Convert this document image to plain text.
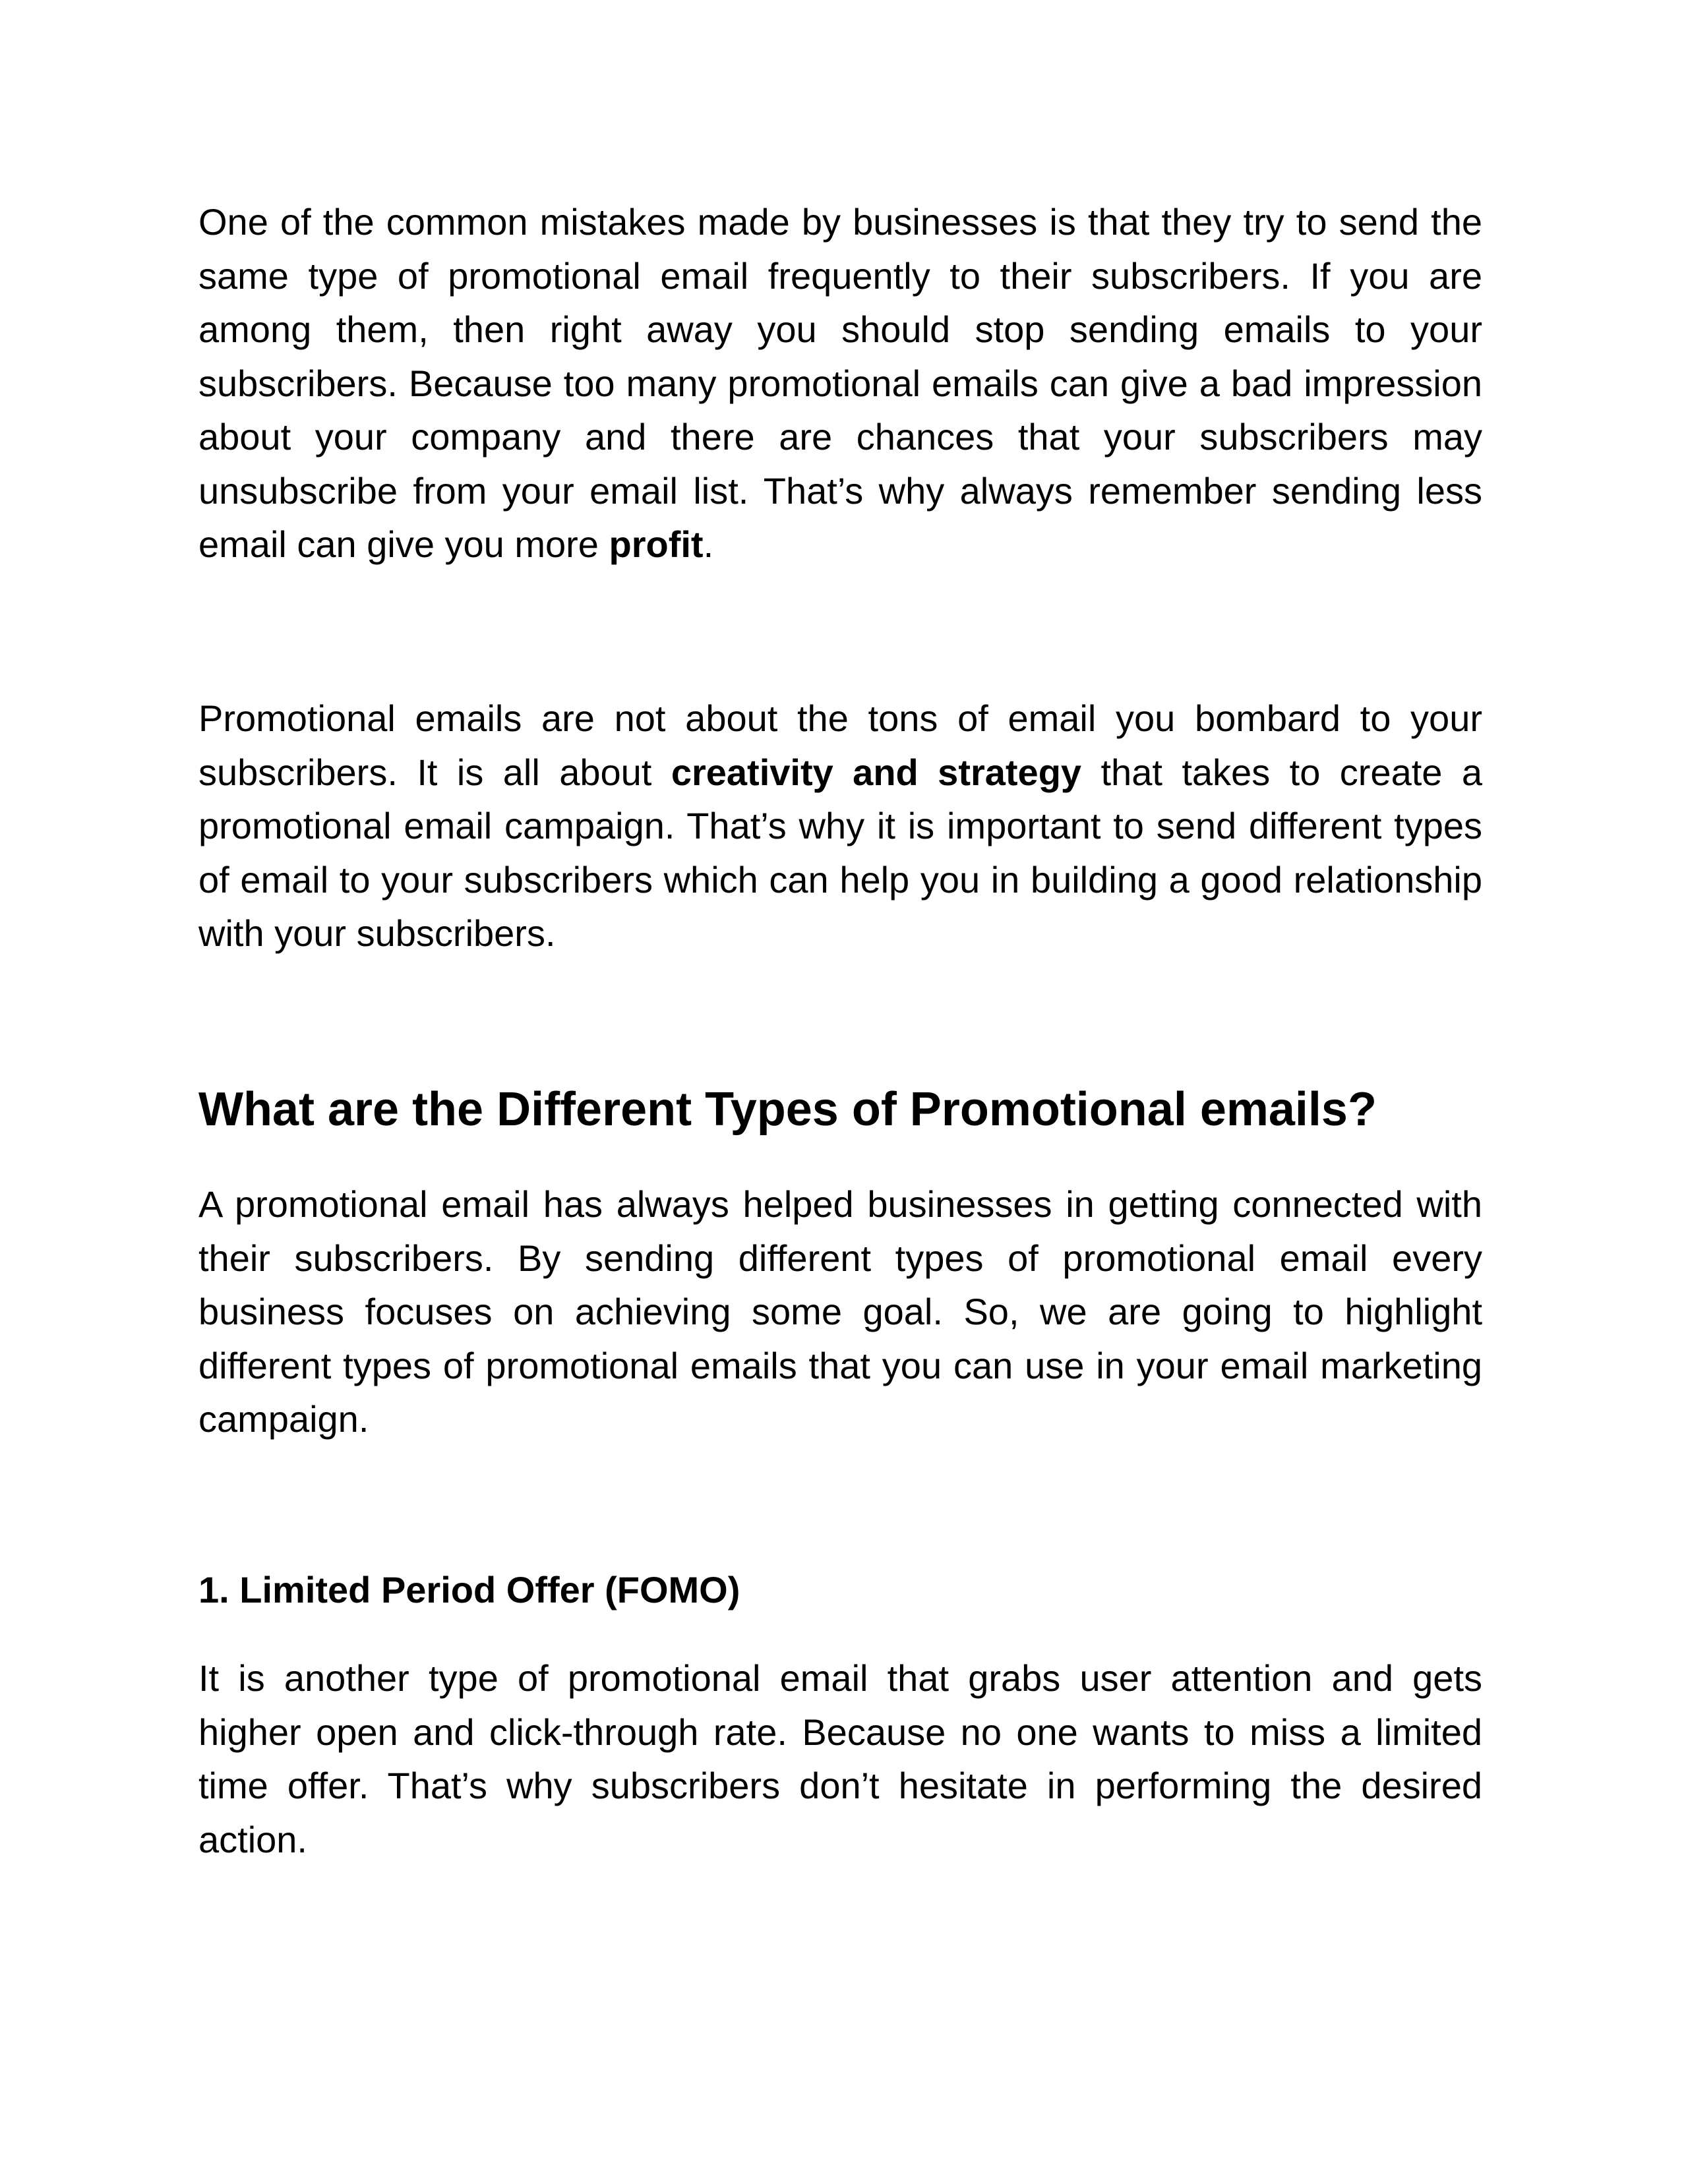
One of the common mistakes made by businesses is that they try to send the same type of promotional email frequently to their subscribers. If you are among them, then right away you should stop sending emails to your subscribers. Because too many promotional emails can give a bad impression about your company and there are chances that your subscribers may unsubscribe from your email list. That’s why always remember sending less email can give you more profit.

Promotional emails are not about the tons of email you bombard to your subscribers. It is all about creativity and strategy that takes to create a promotional email campaign. That’s why it is important to send different types of email to your subscribers which can help you in building a good relationship with your subscribers.

What are the Different Types of Promotional emails?

A promotional email has always helped businesses in getting connected with their subscribers. By sending different types of promotional email every business focuses on achieving some goal. So, we are going to highlight different types of promotional emails that you can use in your email marketing campaign.

1. Limited Period Offer (FOMO)

It is another type of promotional email that grabs user attention and gets higher open and click-through rate. Because no one wants to miss a limited time offer. That’s why subscribers don’t hesitate in performing the desired action.
